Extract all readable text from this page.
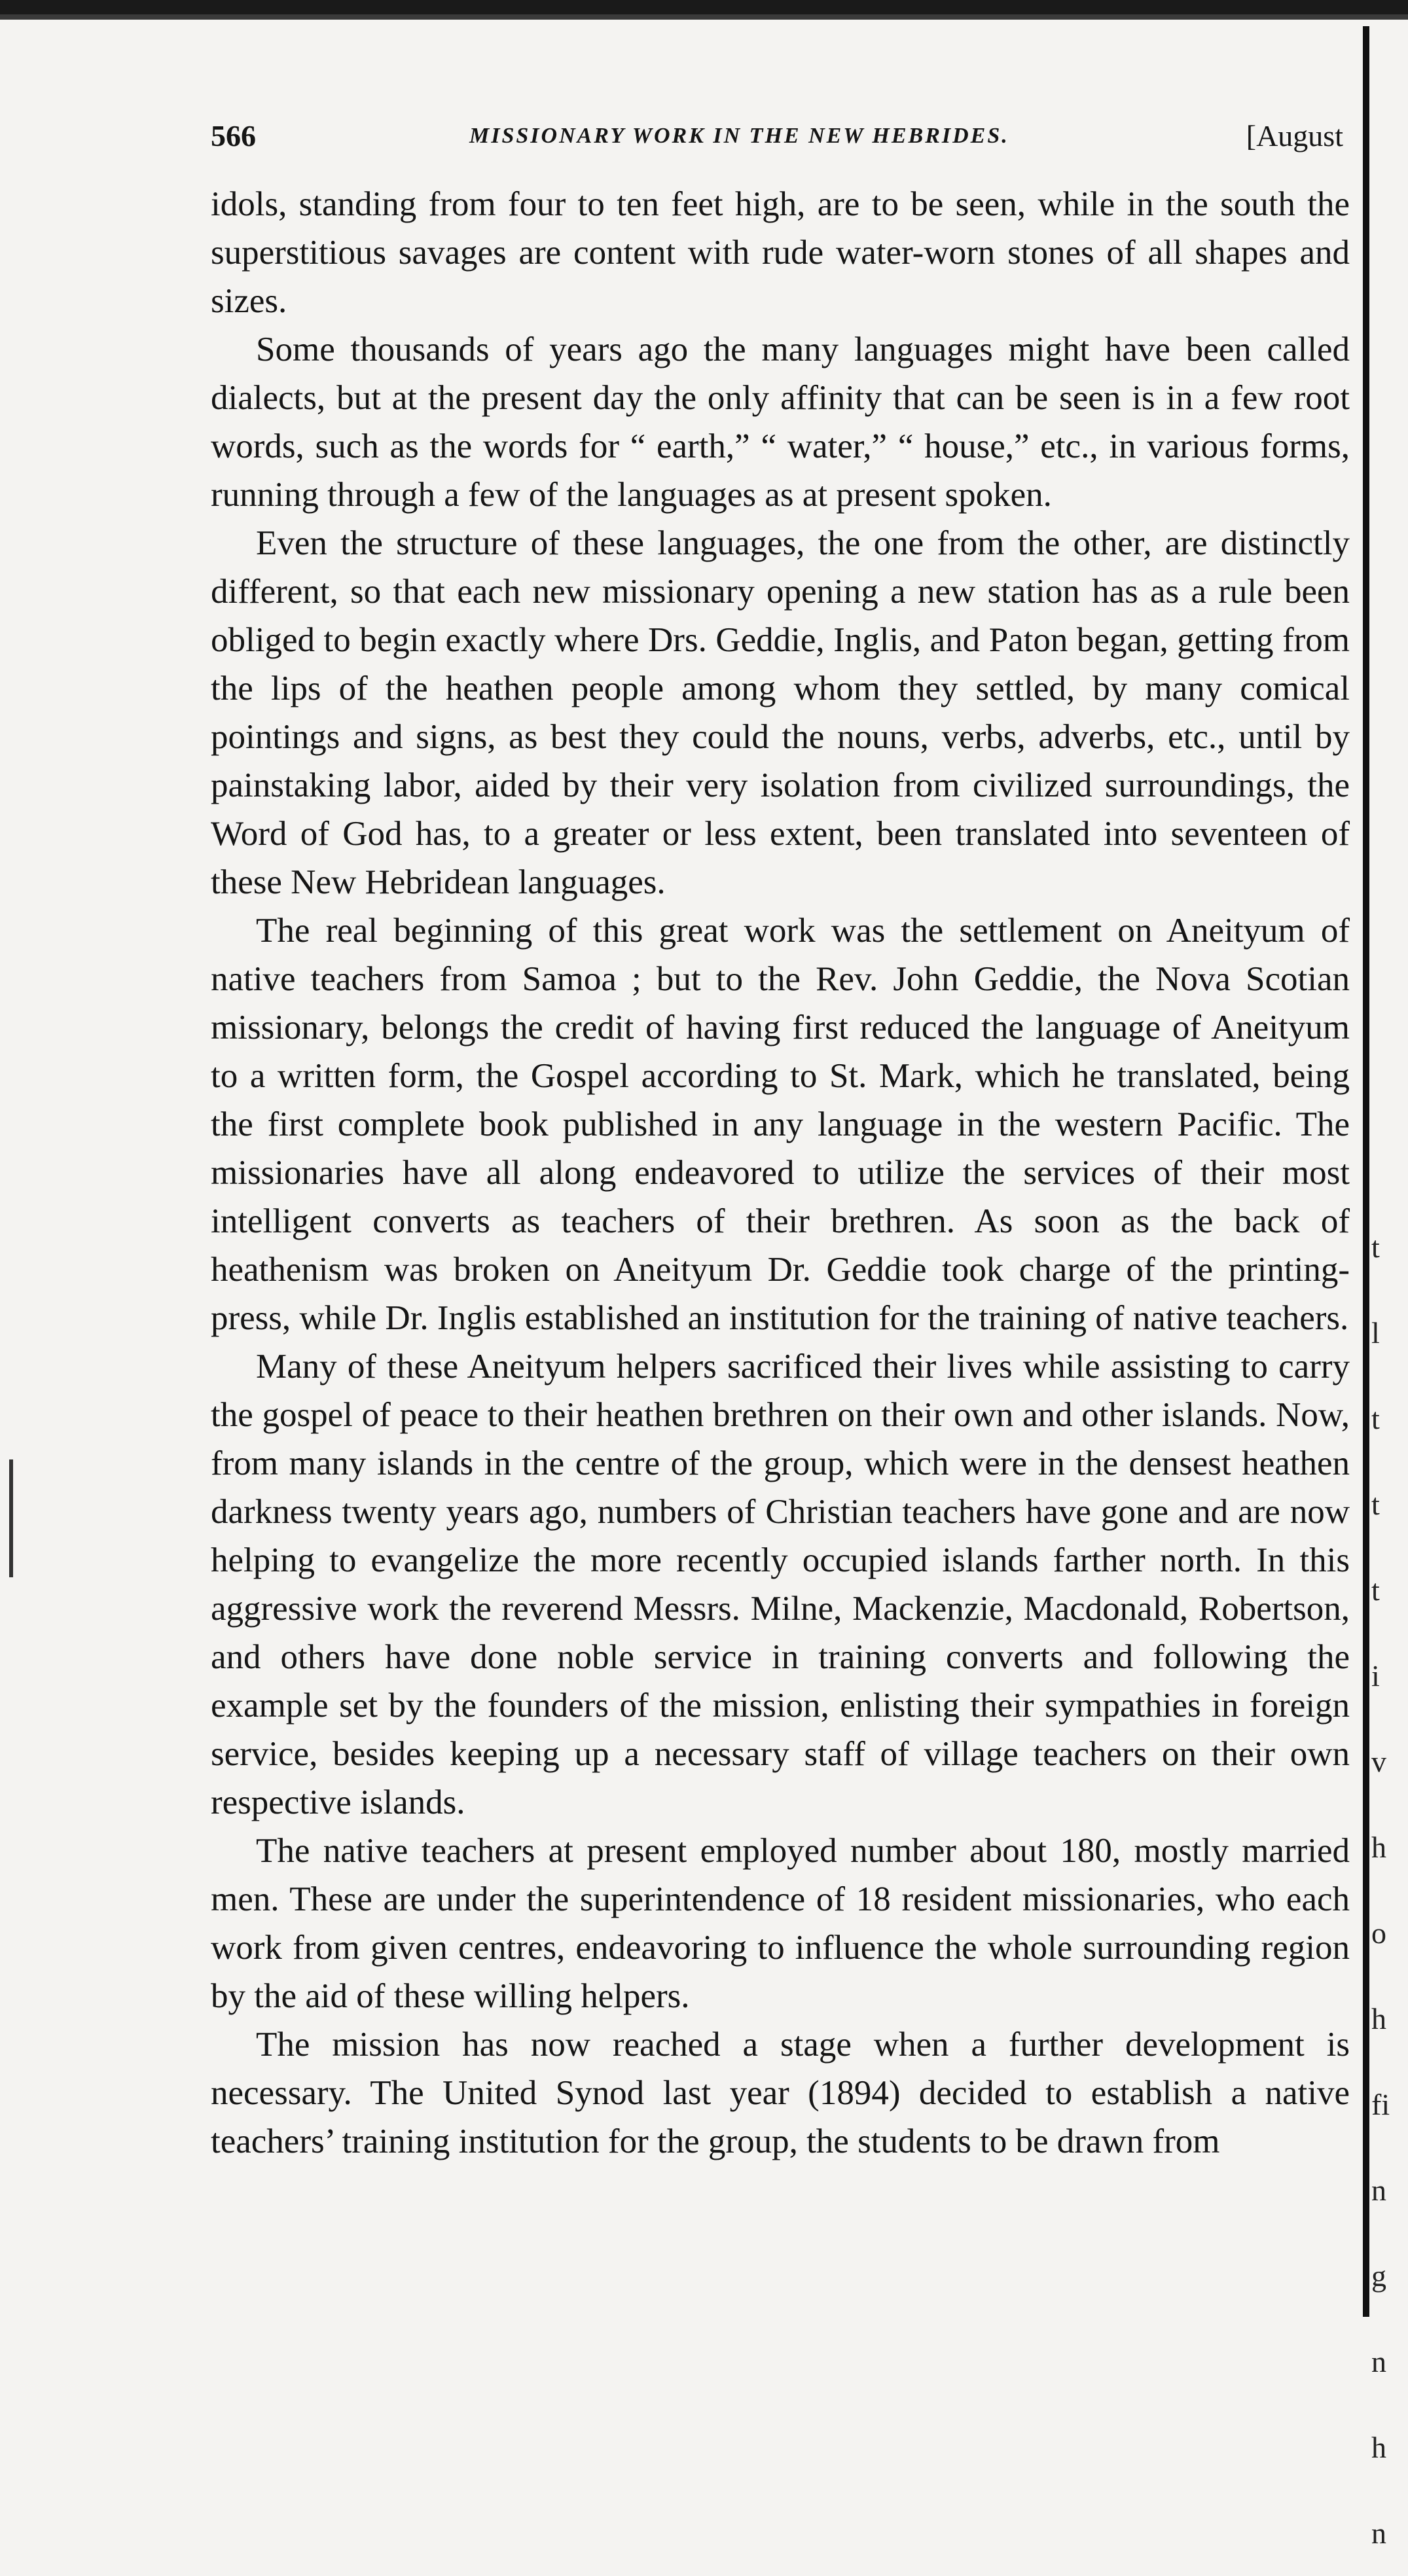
566	MISSIONARY WORK IN THE NEW HEBRIDES.	[August

idols, standing from four to ten feet high, are to be seen, while in the south the superstitious savages are content with rude water-worn stones of all shapes and sizes.

Some thousands of years ago the many languages might have been called dialects, but at the present day the only affinity that can be seen is in a few root words, such as the words for “ earth,” “ water,” “ house,” etc., in various forms, running through a few of the languages as at present spoken.

Even the structure of these languages, the one from the other, are distinctly different, so that each new missionary opening a new station has as a rule been obliged to begin exactly where Drs. Geddie, Inglis, and Paton began, getting from the lips of the heathen people among whom they settled, by many comical pointings and signs, as best they could the nouns, verbs, adverbs, etc., until by painstaking labor, aided by their very isolation from civilized surroundings, the Word of God has, to a greater or less extent, been translated into seventeen of these New Hebridean languages.

The real beginning of this great work was the settlement on Aneityum of native teachers from Samoa ; but to the Rev. John Geddie, the Nova Scotian missionary, belongs the credit of having first reduced the language of Aneityum to a written form, the Gospel according to St. Mark, which he translated, being the first complete book published in any language in the western Pacific. The missionaries have all along endeavored to utilize the services of their most intelligent converts as teachers of their brethren. As soon as the back of heathenism was broken on Aneityum Dr. Geddie took charge of the printing-press, while Dr. Inglis established an institution for the training of native teachers.

Many of these Aneityum helpers sacrificed their lives while assisting to carry the gospel of peace to their heathen brethren on their own and other islands. Now, from many islands in the centre of the group, which were in the densest heathen darkness twenty years ago, numbers of Christian teachers have gone and are now helping to evangelize the more recently occupied islands farther north. In this aggressive work the reverend Messrs. Milne, Mackenzie, Macdonald, Robertson, and others have done noble service in training converts and following the example set by the founders of the mission, enlisting their sympathies in foreign service, besides keeping up a necessary staff of village teachers on their own respective islands.

The native teachers at present employed number about 180, mostly married men. These are under the superintendence of 18 resident missionaries, who each work from given centres, endeavoring to influence the whole surrounding region by the aid of these willing helpers.

The mission has now reached a stage when a further development is necessary. The United Synod last year (1894) decided to establish a native teachers’ training institution for the group, the students to be drawn from

t
l
t
t
t
i
v
h
o
h
fi
n
g
n
h
n
